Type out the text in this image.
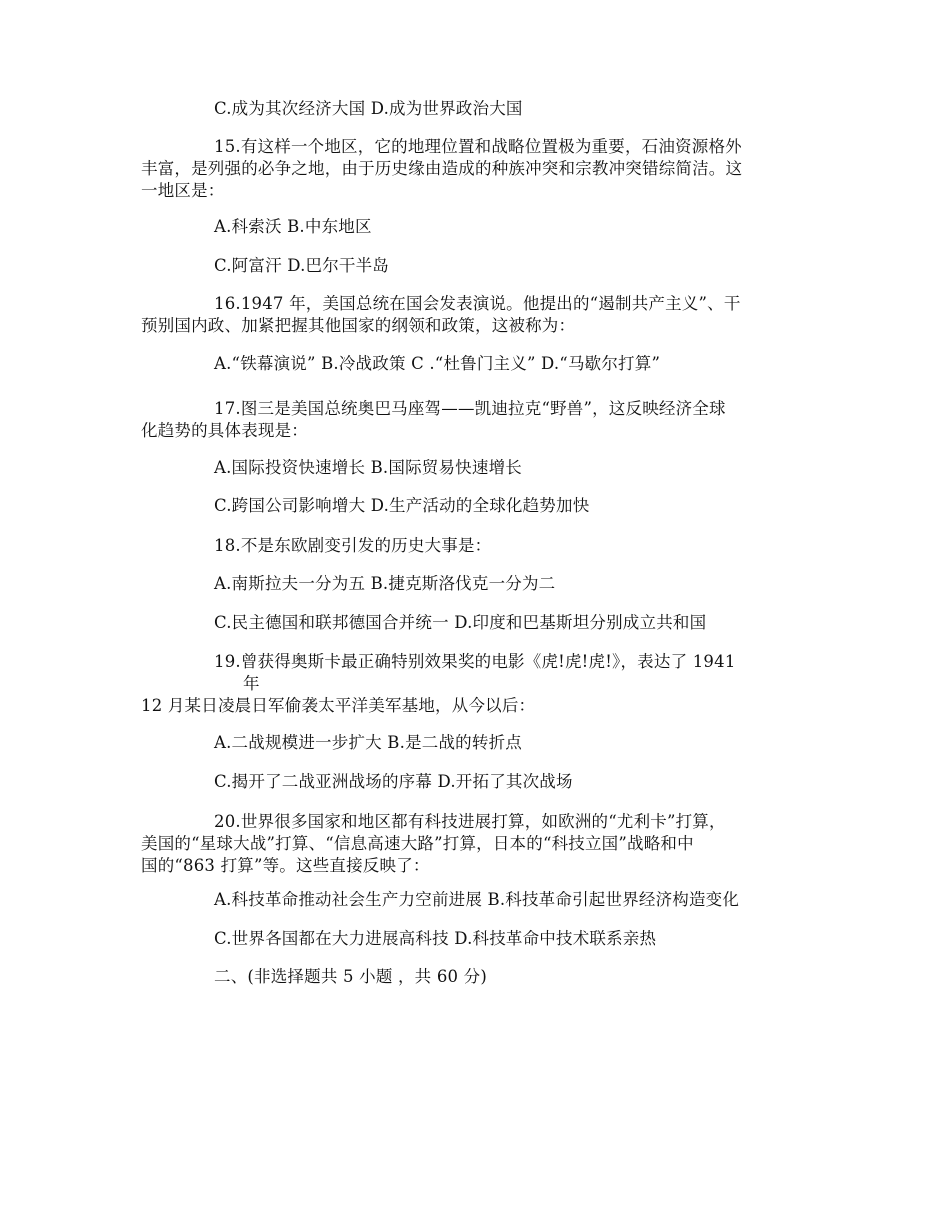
C.成为其次经济大国 D.成为世界政治大国
15.有这样一个地区，它的地理位置和战略位置极为重要，石油资源格外
丰富，是列强的必争之地，由于历史缘由造成的种族冲突和宗教冲突错综简洁。这
一地区是：
A.科索沃 B.中东地区
C.阿富汗 D.巴尔干半岛
16.1947 年，美国总统在国会发表演说。他提出的“遏制共产主义”、干
预别国内政、加紧把握其他国家的纲领和政策，这被称为：
A.“铁幕演说” B.冷战政策 C .“杜鲁门主义” D.“马歇尔打算”
17.图三是美国总统奥巴马座驾——凯迪拉克“野兽”，这反映经济全球
化趋势的具体表现是：
A.国际投资快速增长 B.国际贸易快速增长
C.跨国公司影响增大 D.生产活动的全球化趋势加快
18.不是东欧剧变引发的历史大事是：
A.南斯拉夫一分为五 B.捷克斯洛伐克一分为二
C.民主德国和联邦德国合并统一 D.印度和巴基斯坦分别成立共和国
19.曾获得奥斯卡最正确特别效果奖的电影《虎!虎!虎!》，表达了 1941
年
12 月某日凌晨日军偷袭太平洋美军基地，从今以后：
A.二战规模进一步扩大 B.是二战的转折点
C.揭开了二战亚洲战场的序幕 D.开拓了其次战场
20.世界很多国家和地区都有科技进展打算，如欧洲的“尤利卡”打算，
美国的“星球大战”打算、“信息高速大路”打算，日本的“科技立国”战略和中
国的“863 打算”等。这些直接反映了：
A.科技革命推动社会生产力空前进展 B.科技革命引起世界经济构造变化
C.世界各国都在大力进展高科技 D.科技革命中技术联系亲热
二、(非选择题共 5 小题 ，共 60 分)
